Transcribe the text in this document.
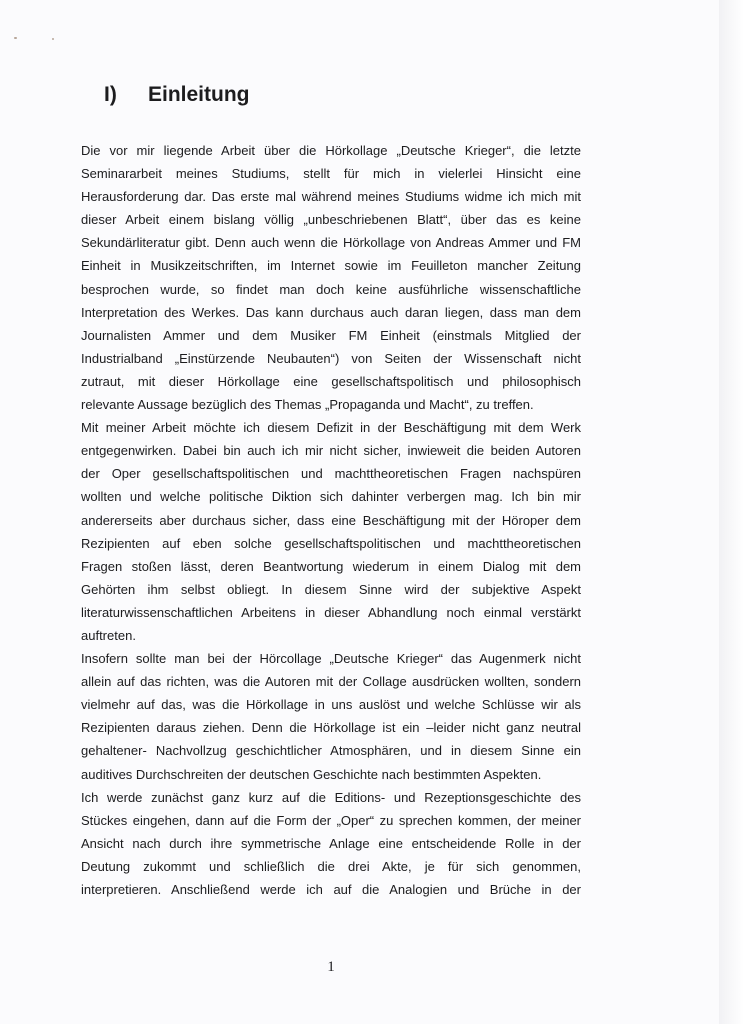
I) Einleitung
Die vor mir liegende Arbeit über die Hörkollage „Deutsche Krieger“, die letzte
Seminararbeit meines Studiums, stellt für mich in vielerlei Hinsicht eine
Herausforderung dar. Das erste mal während meines Studiums widme ich mich mit
dieser Arbeit einem bislang völlig „unbeschriebenen Blatt“, über das es keine
Sekundärliteratur gibt. Denn auch wenn die Hörkollage von Andreas Ammer und FM
Einheit in Musikzeitschriften, im Internet sowie im Feuilleton mancher Zeitung
besprochen wurde, so findet man doch keine ausführliche wissenschaftliche
Interpretation des Werkes. Das kann durchaus auch daran liegen, dass man dem
Journalisten Ammer und dem Musiker FM Einheit (einstmals Mitglied der
Industrialband „Einstürzende Neubauten“) von Seiten der Wissenschaft nicht
zutraut, mit dieser Hörkollage eine gesellschaftspolitisch und philosophisch
relevante Aussage bezüglich des Themas „Propaganda und Macht“, zu treffen.
Mit meiner Arbeit möchte ich diesem Defizit in der Beschäftigung mit dem Werk
entgegenwirken. Dabei bin auch ich mir nicht sicher, inwieweit die beiden Autoren
der Oper gesellschaftspolitischen und machttheoretischen Fragen nachspüren
wollten und welche politische Diktion sich dahinter verbergen mag. Ich bin mir
andererseits aber durchaus sicher, dass eine Beschäftigung mit der Höroper dem
Rezipienten auf eben solche gesellschaftspolitischen und machttheoretischen
Fragen stoßen lässt, deren Beantwortung wiederum in einem Dialog mit dem
Gehörten ihm selbst obliegt. In diesem Sinne wird der subjektive Aspekt
literaturwissenschaftlichen Arbeitens in dieser Abhandlung noch einmal verstärkt
auftreten.
Insofern sollte man bei der Hörcollage „Deutsche Krieger“ das Augenmerk nicht
allein auf das richten, was die Autoren mit der Collage ausdrücken wollten, sondern
vielmehr auf das, was die Hörkollage in uns auslöst und welche Schlüsse wir als
Rezipienten daraus ziehen. Denn die Hörkollage ist ein –leider nicht ganz neutral
gehaltener- Nachvollzug geschichtlicher Atmosphären, und in diesem Sinne ein
auditives Durchschreiten der deutschen Geschichte nach bestimmten Aspekten.
Ich werde zunächst ganz kurz auf die Editions- und Rezeptionsgeschichte des
Stückes eingehen, dann auf die Form der „Oper“ zu sprechen kommen, der meiner
Ansicht nach durch ihre symmetrische Anlage eine entscheidende Rolle in der
Deutung zukommt und schließlich die drei Akte, je für sich genommen,
interpretieren. Anschließend werde ich auf die Analogien und Brüche in der
1
